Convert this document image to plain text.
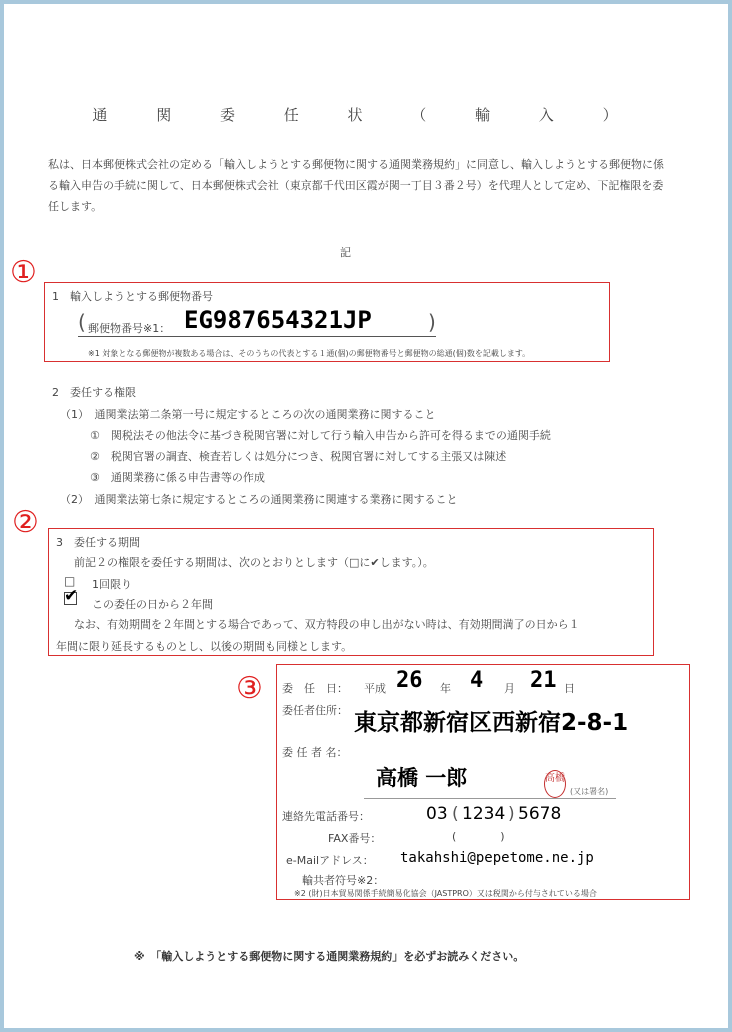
通 関 委 任 状 （ 輸 入 ）
私は、日本郵便株式会社の定める「輸入しようとする郵便物に関する通関業務規約」に同意し、輸入しようとする郵便物に係る輸入申告の手続に関して、日本郵便株式会社（東京都千代田区霞が関一丁目３番２号）を代理人として定め、下記権限を委任します。
記
①
1　輸入しようとする郵便物番号
( 郵便物番号※1： EG987654321JP	)
※1 対象となる郵便物が複数ある場合は、そのうちの代表とする１通(個)の郵便物番号と郵便物の総通(個)数を記載します。
2　委任する権限
（1）　通関業法第二条第一号に規定するところの次の通関業務に関すること
①　関税法その他法令に基づき税関官署に対して行う輸入申告から許可を得るまでの通関手続
②　税関官署の調査、検査若しくは処分につき、税関官署に対してする主張又は陳述
③　通関業務に係る申告書等の作成
（2）　通関業法第七条に規定するところの通関業務に関連する業務に関すること
②
3　委任する期間
前記２の権限を委任する期間は、次のとおりとします（□に✔します。）。
□ 1回限り
✔ この委任の日から２年間
なお、有効期間を２年間とする場合であって、双方特段の申し出がない時は、有効期間満了の日から１
年間に限り延長するものとし、以後の期間も同様とします。
③ 委　任　日： 平成 26 年 4 月 21 日
委任者住所： 東京都新宿区西新宿2-8-1
委 任 者 名：
高橋 一郎	高橋
(又は署名)
連絡先電話番号：	03 ( 1234 ) 5678
FAX番号：	(　　　　)
e-Mailアドレス： takahshi@pepetome.ne.jp
輸共者符号※2：
※2 (財)日本貿易関係手続簡易化協会（JASTPRO）又は税関から付与されている場合
※　「輸入しようとする郵便物に関する通関業務規約」を必ずお読みください。
